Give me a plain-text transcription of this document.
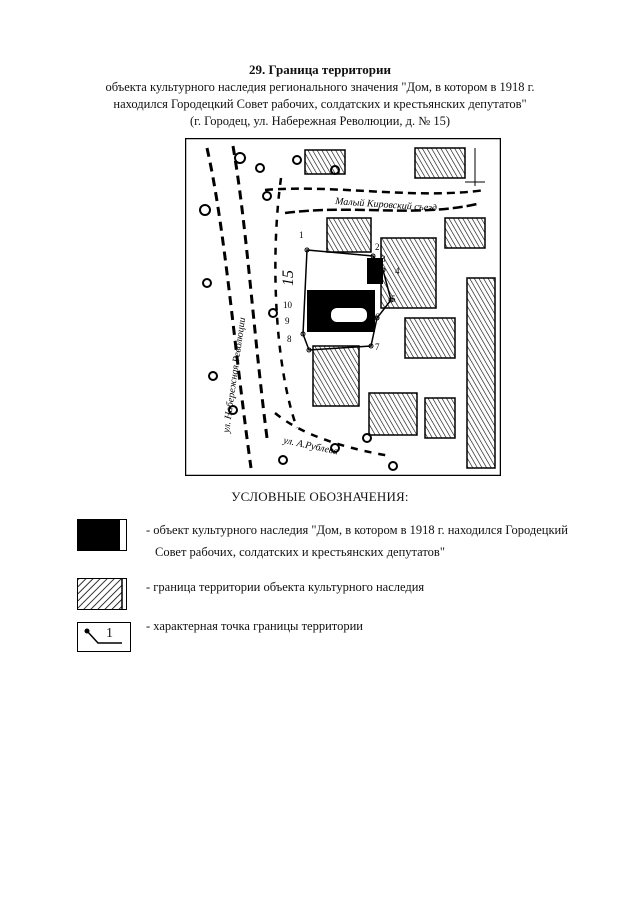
29. Граница территории
объекта культурного наследия регионального значения "Дом, в котором в 1918 г.
находился Городецкий Совет рабочих, солдатских и крестьянских депутатов"
(г. Городец, ул. Набережная Революции, д. № 15)
15
Малый Кировский съезд
ул. Набережная Революции
ул. А.Рублева
1
2
3
4
5
6
7
8
9
10
УСЛОВНЫЕ ОБОЗНАЧЕНИЯ:
- объект культурного наследия "Дом, в котором в 1918 г. находился Городецкий
Совет рабочих, солдатских и крестьянских депутатов"
- граница территории объекта культурного наследия
1	- характерная точка границы территории
